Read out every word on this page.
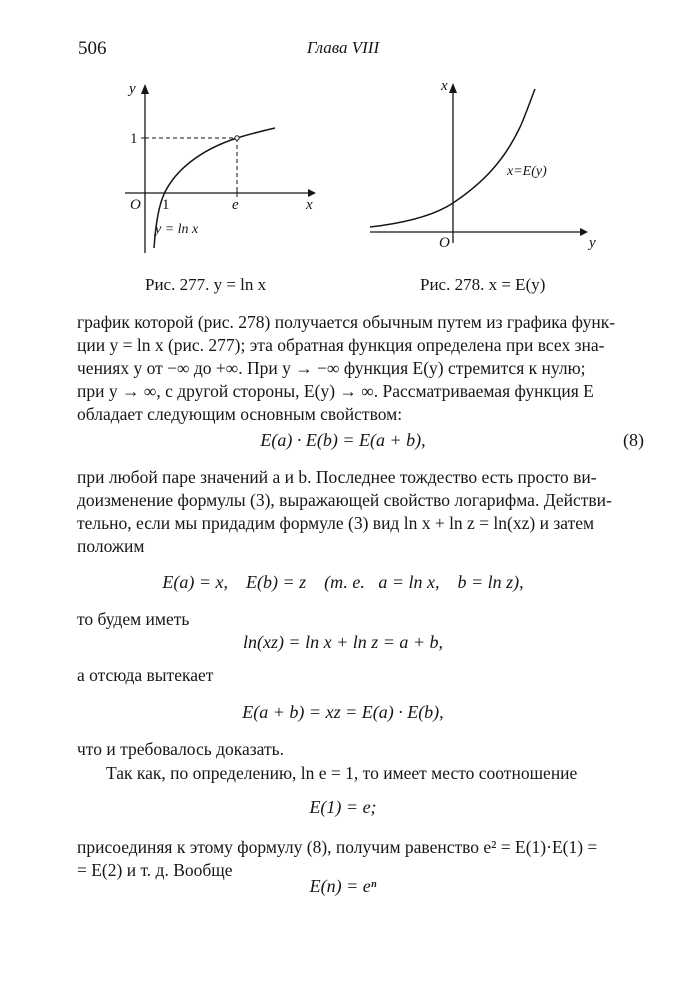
506	Глава VIII
y
1
O 1	e	x
y = ln x
Рис. 277. y = ln x
x
x=E(y)
O	y
Рис. 278. x = E(y)
график которой (рис. 278) получается обычным путем из графика функ-
ции y = ln x (рис. 277); эта обратная функция определена при всех зна-
чениях y от −∞ до +∞. При y → −∞ функция E(y) стремится к нулю;
при y → ∞, с другой стороны, E(y) → ∞. Рассматриваемая функция E
обладает следующим основным свойством:
E(a) · E(b) = E(a + b),	(8)
при любой паре значений a и b. Последнее тождество есть просто ви-
доизменение формулы (3), выражающей свойство логарифма. Действи-
тельно, если мы придадим формуле (3) вид ln x + ln z = ln(xz) и затем
положим
E(a) = x,    E(b) = z    (т. е.   a = ln x,    b = ln z),
то будем иметь
ln(xz) = ln x + ln z = a + b,
а отсюда вытекает
E(a + b) = xz = E(a) · E(b),
что и требовалось доказать.
Так как, по определению, ln e = 1, то имеет место соотношение
E(1) = e;
присоединяя к этому формулу (8), получим равенство e² = E(1)·E(1) =
= E(2) и т. д. Вообще
E(n) = eⁿ
